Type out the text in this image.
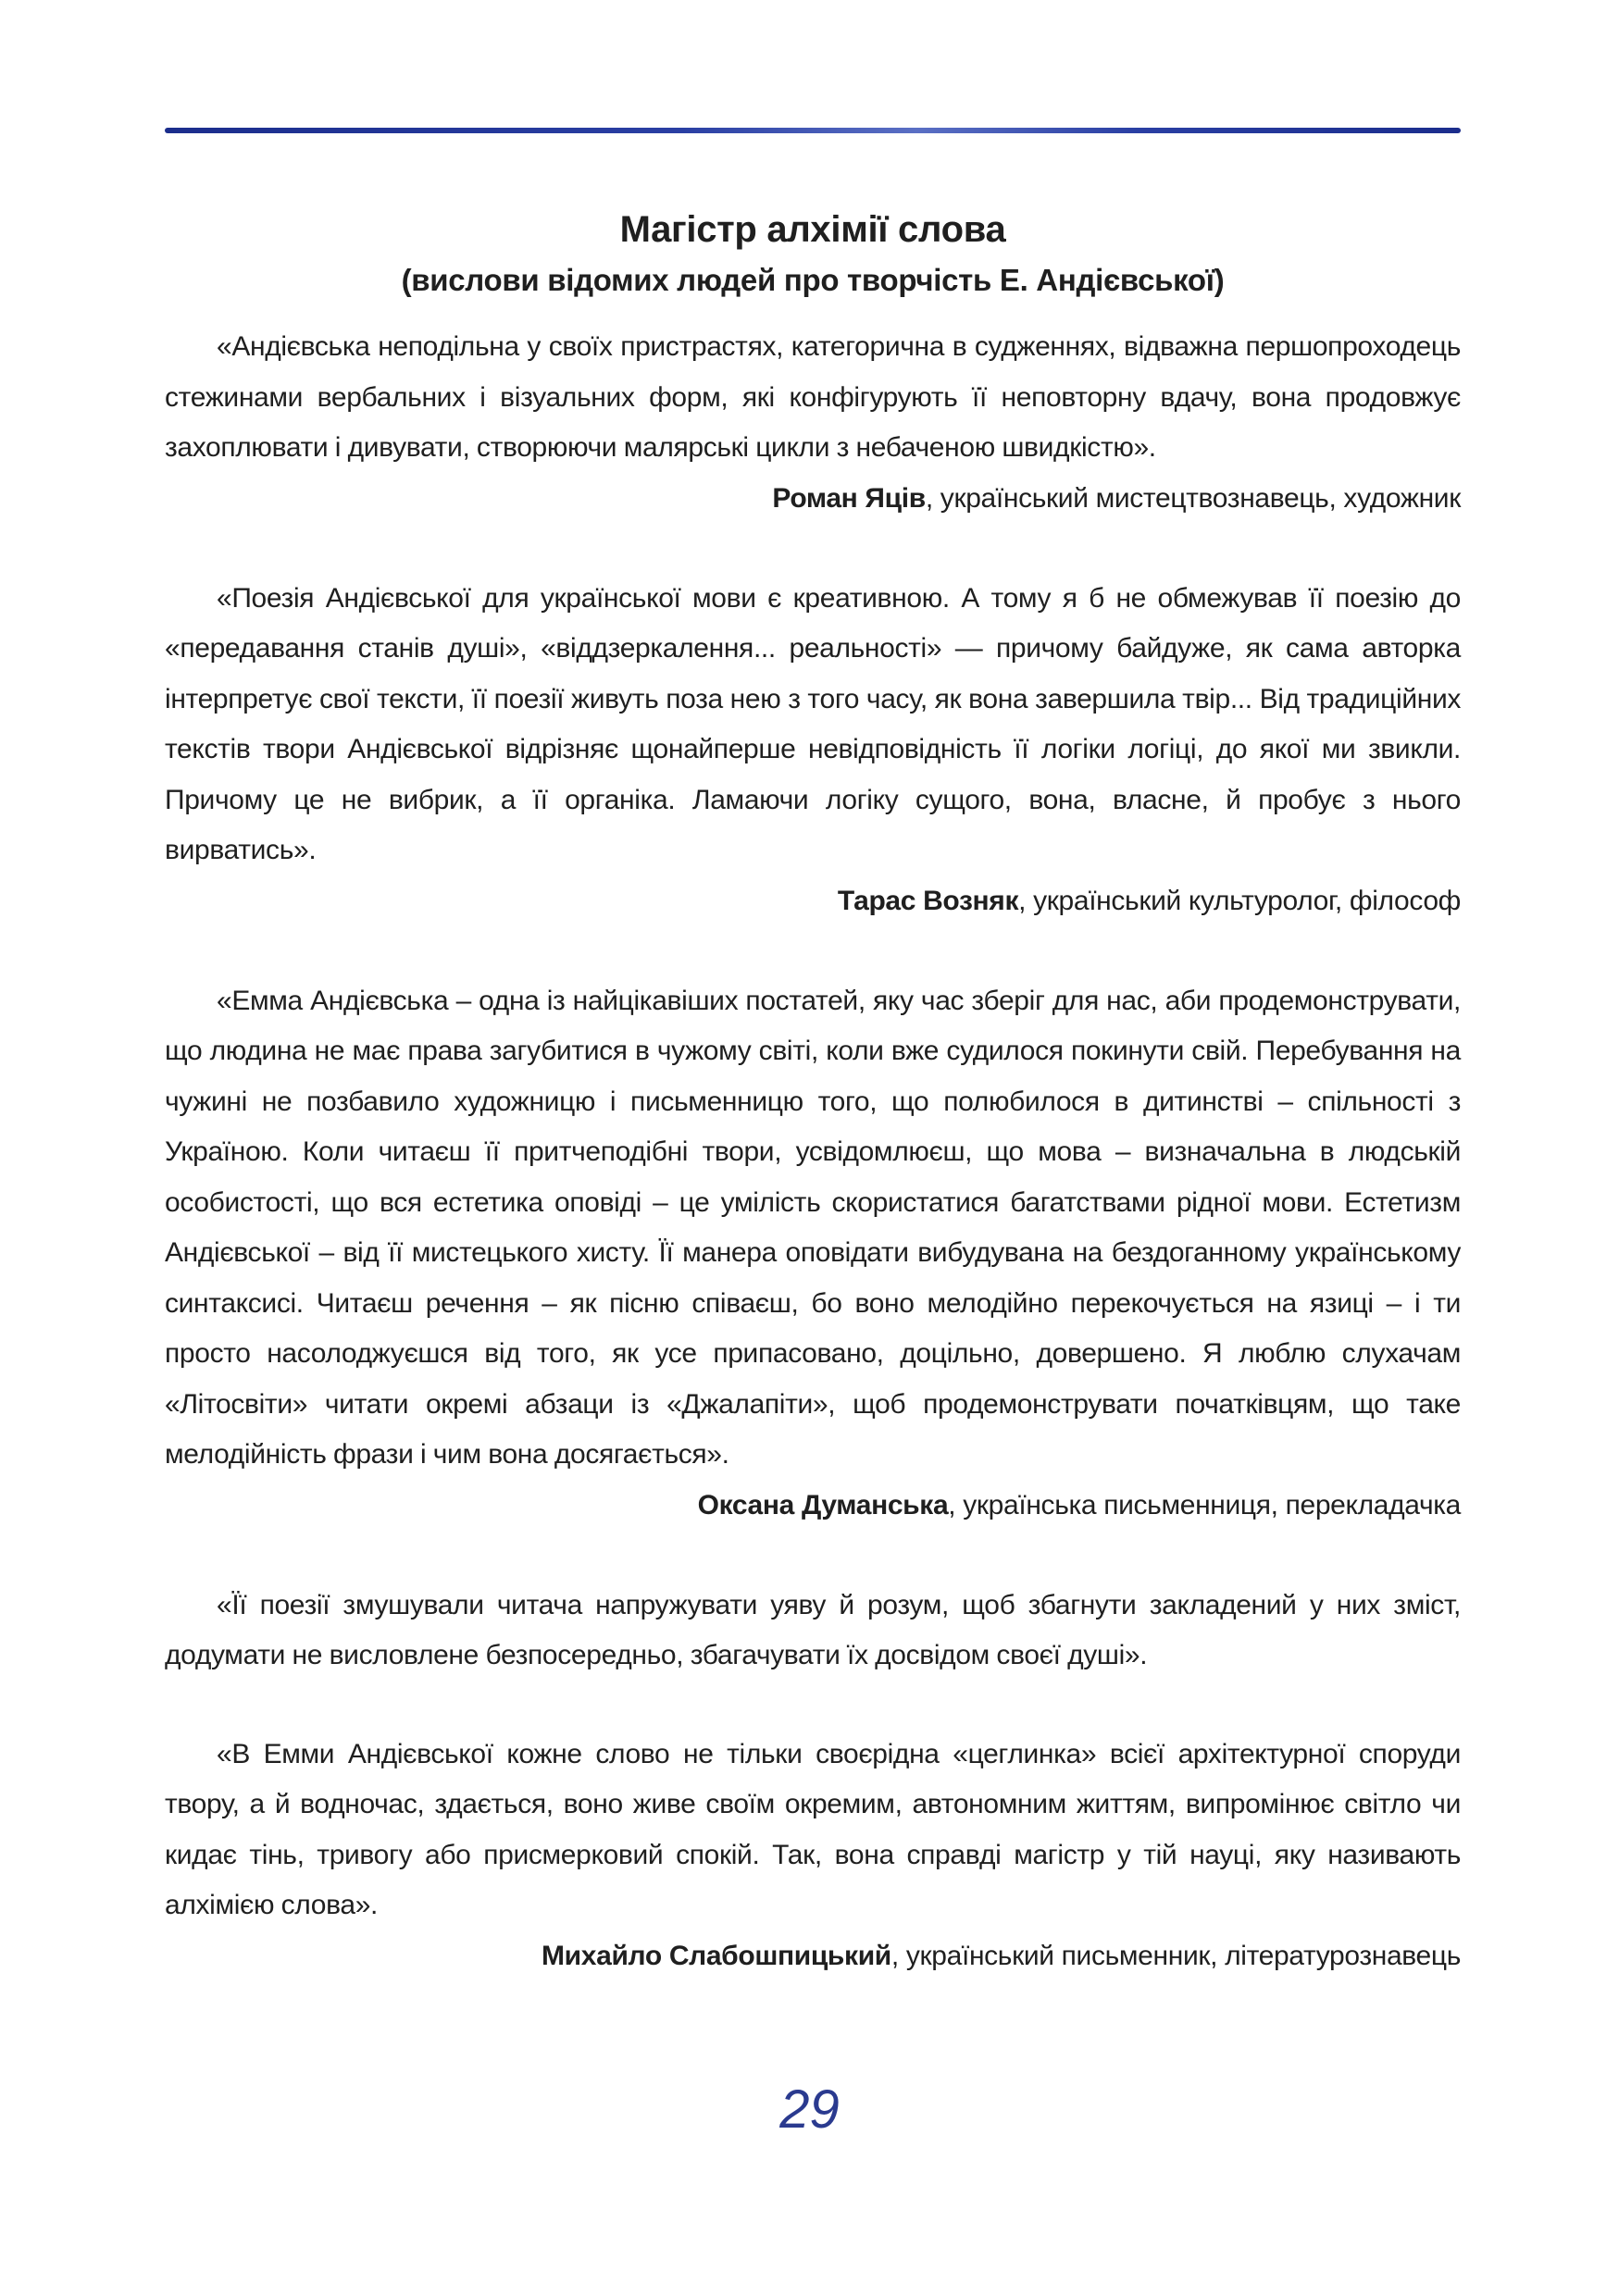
Магістр алхімії слова

(вислови відомих людей про творчість Е. Андієвської)

«Андієвська неподільна у своїх пристрастях, категорична в судженнях, відважна першопроходець стежинами вербальних і візуальних форм, які конфігурують її неповторну вдачу, вона продовжує захоплювати і дивувати, створюючи малярські цикли з небаченою швидкістю».

Роман Яців, український мистецтвознавець, художник

«Поезія Андієвської для української мови є креативною. А тому я б не обмежував її поезію до «передавання станів душі», «віддзеркалення... реальності» — причому байдуже, як сама авторка інтерпретує свої тексти, її поезії живуть поза нею з того часу, як вона завершила твір... Від традиційних текстів твори Андієвської відрізняє щонайперше невідповідність її логіки логіці, до якої ми звикли. Причому це не вибрик, а її органіка. Ламаючи логіку сущого, вона, власне, й пробує з нього вирватись».

Тарас Возняк, український культуролог, філософ

«Емма Андієвська – одна із найцікавіших постатей, яку час зберіг для нас, аби продемонструвати, що людина не має права загубитися в чужому світі, коли вже судилося покинути свій. Перебування на чужині не позбавило художницю і письменницю того, що полюбилося в дитинстві – спільності з Україною. Коли читаєш її притчеподібні твори, усвідомлюєш, що мова – визначальна в людській особистості, що вся естетика оповіді – це уміліcть скористатися багатствами рідної мови. Естетизм Андієвської – від її мистецького хисту. Її манера оповідати вибудувана на бездоганному українському синтаксисі. Читаєш речення – як пісню співаєш, бо воно мелодійно перекочується на язиці – і ти просто насолоджуєшся від того, як усе припасовано, доцільно, довершено. Я люблю слухачам «Літосвіти» читати окремі абзаци із «Джалапіти», щоб продемонструвати початківцям, що таке мелодійність фрази і чим вона досягається».

Оксана Думанська, українська письменниця, перекладачка

«Її поезії змушували читача напружувати уяву й розум, щоб збагнути закладений у них зміст, додумати не висловлене безпосередньо, збагачувати їх досвідом своєї душі».

«В Емми Андієвської кожне слово не тільки своєрідна «цеглинка» всієї архітектурної споруди твору, а й водночас, здається, воно живе своїм окремим, автономним життям, випромінює світло чи кидає тінь, тривогу або присмерковий спокій. Так, вона справді магістр у тій науці, яку називають алхімією слова».

Михайло Слабошпицький, український письменник, літературознавець

29
